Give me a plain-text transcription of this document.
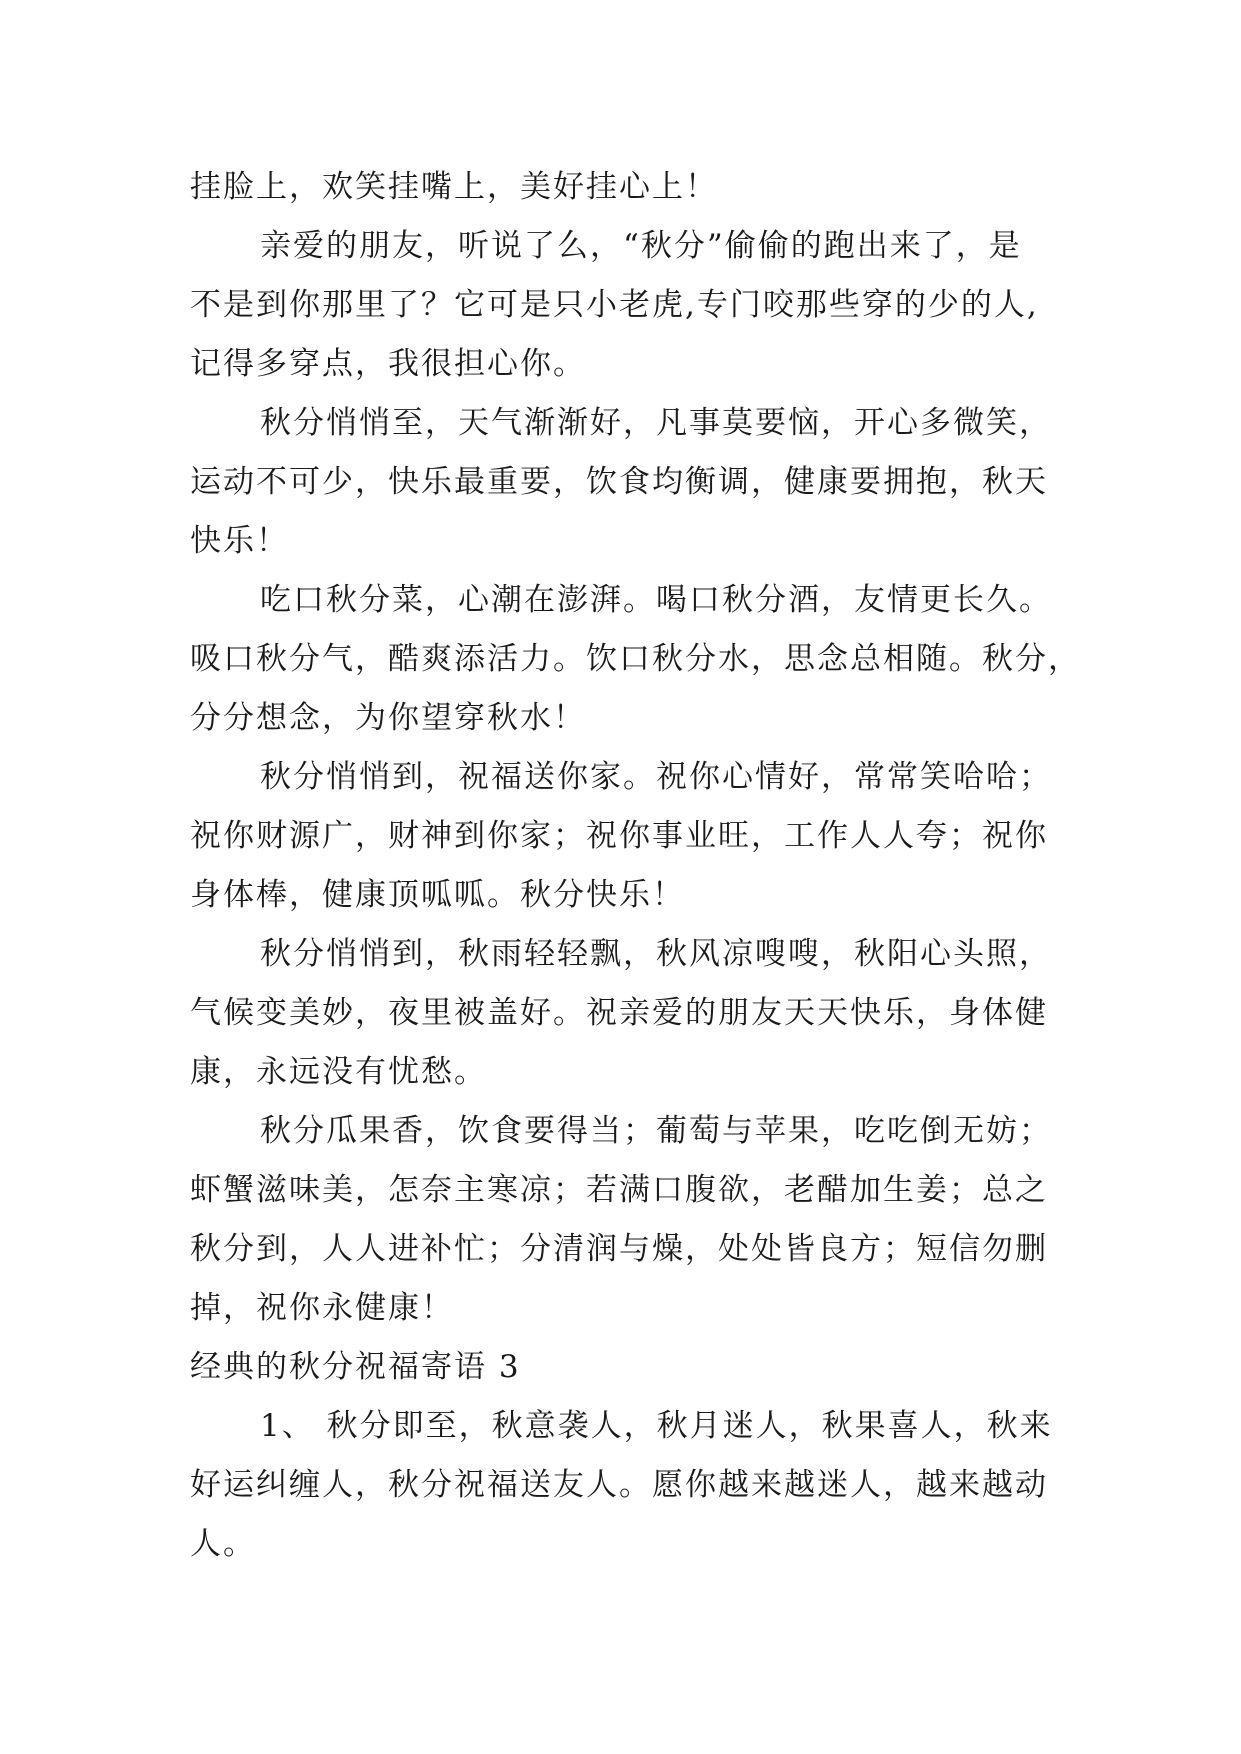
挂脸上，欢笑挂嘴上，美好挂心上！
亲爱的朋友，听说了么，“秋分”偷偷的跑出来了，是
不是到你那里了？它可是只小老虎,专门咬那些穿的少的人,
记得多穿点，我很担心你。
秋分悄悄至，天气渐渐好，凡事莫要恼，开心多微笑，
运动不可少，快乐最重要，饮食均衡调，健康要拥抱，秋天
快乐！
吃口秋分菜，心潮在澎湃。喝口秋分酒，友情更长久。
吸口秋分气，酷爽添活力。饮口秋分水，思念总相随。秋分，
分分想念，为你望穿秋水！
秋分悄悄到，祝福送你家。祝你心情好，常常笑哈哈；
祝你财源广，财神到你家；祝你事业旺，工作人人夸；祝你
身体棒，健康顶呱呱。秋分快乐！
秋分悄悄到，秋雨轻轻飘，秋风凉嗖嗖，秋阳心头照，
气候变美妙，夜里被盖好。祝亲爱的朋友天天快乐，身体健
康，永远没有忧愁。
秋分瓜果香，饮食要得当；葡萄与苹果，吃吃倒无妨；
虾蟹滋味美，怎奈主寒凉；若满口腹欲，老醋加生姜；总之
秋分到，人人进补忙；分清润与燥，处处皆良方；短信勿删
掉，祝你永健康！
经典的秋分祝福寄语 3
1、 秋分即至，秋意袭人，秋月迷人，秋果喜人，秋来
好运纠缠人，秋分祝福送友人。愿你越来越迷人，越来越动
人。
